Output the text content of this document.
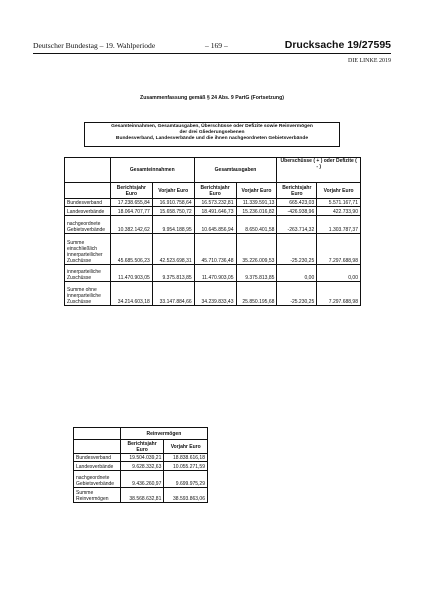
Deutscher Bundestag – 19. Wahlperiode	– 169 –	Drucksache 19/27595
DIE LINKE 2019
Zusammenfassung gemäß § 24 Abs. 9 PartG (Fortsetzung)
Gesamteinnahmen, Gesamtausgaben, Überschüsse oder Defizite sowie Reinvermögen
der drei Gliederungsebenen
Bundesverband, Landesverbände und die ihnen nachgeordneten Gebietsverbände
	Gesamteinnahmen		Gesamtausgaben		Überschüsse ( + ) oder Defizite ( - )	
	Berichtsjahr Euro	Vorjahr Euro	Berichtsjahr Euro	Vorjahr Euro	Berichtsjahr Euro	Vorjahr Euro
Bundesverband	17.238.655,84	16.910.758,64	16.573.232,81	11.339.591,13	665.423,03	5.571.167,71
Landesverbände	18.064.707,77	15.658.750,72	18.491.646,73	15.236.016,82	-426.938,96	422.733,90
nachgeordnete Gebietsverbände	10.382.142,62	9.954.188,95	10.645.856,94	8.650.401,58	-263.714,32	1.303.787,37
Summe einschließlich innerparteilicher Zuschüsse	45.685.506,23	42.523.698,31	45.710.736,48	35.226.009,53	-25.230,25	7.297.688,98
innerparteiliche Zuschüsse	11.470.903,05	9.375.813,85	11.470.903,05	9.375.813,85	0,00	0,00
Summe ohne innerparteiliche Zuschüsse	34.214.603,18	33.147.884,66	34.239.833,43	25.850.195,68	-25.230,25	7.297.688,98
	Reinvermögen	
	Berichtsjahr Euro	Vorjahr Euro
Bundesverband	19.504.039,21	18.838.616,18
Landesverbände	9.628.332,63	10.055.271,59
nachgeordnete Gebietsverbände	9.436.260,97	9.699.975,29
Summe Reinvermögen	38.568.632,81	38.593.863,06
